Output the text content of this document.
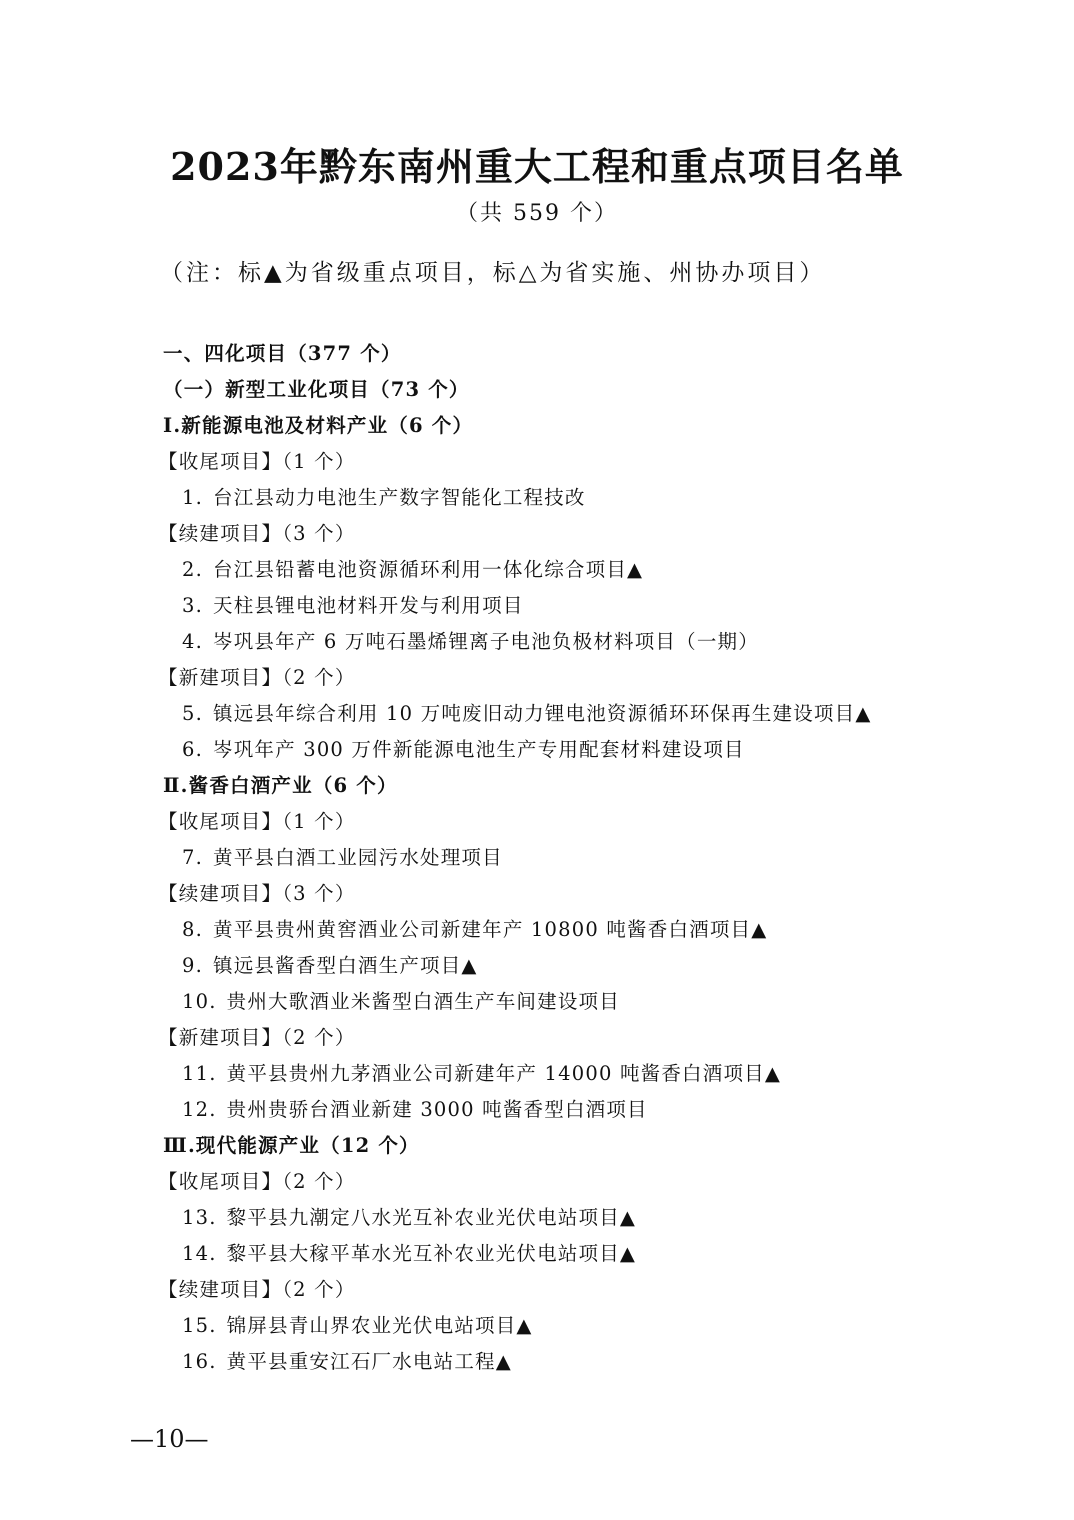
2023年黔东南州重大工程和重点项目名单
（共 559 个）
（注：标▲为省级重点项目，标△为省实施、州协办项目）
一、四化项目（377 个）
（一）新型工业化项目（73 个）
Ⅰ.新能源电池及材料产业（6 个）
【收尾项目】（1 个）
1. 台江县动力电池生产数字智能化工程技改
【续建项目】（3 个）
2. 台江县铅蓄电池资源循环利用一体化综合项目▲
3. 天柱县锂电池材料开发与利用项目
4. 岑巩县年产 6 万吨石墨烯锂离子电池负极材料项目（一期）
【新建项目】（2 个）
5. 镇远县年综合利用 10 万吨废旧动力锂电池资源循环环保再生建设项目▲
6. 岑巩年产 300 万件新能源电池生产专用配套材料建设项目
Ⅱ.酱香白酒产业（6 个）
【收尾项目】（1 个）
7. 黄平县白酒工业园污水处理项目
【续建项目】（3 个）
8. 黄平县贵州黄窖酒业公司新建年产 10800 吨酱香白酒项目▲
9. 镇远县酱香型白酒生产项目▲
10. 贵州大歌酒业米酱型白酒生产车间建设项目
【新建项目】（2 个）
11. 黄平县贵州九茅酒业公司新建年产 14000 吨酱香白酒项目▲
12. 贵州贵骄台酒业新建 3000 吨酱香型白酒项目
Ⅲ.现代能源产业（12 个）
【收尾项目】（2 个）
13. 黎平县九潮定八水光互补农业光伏电站项目▲
14. 黎平县大稼平革水光互补农业光伏电站项目▲
【续建项目】（2 个）
15. 锦屏县青山界农业光伏电站项目▲
16. 黄平县重安江石厂水电站工程▲
—10—
